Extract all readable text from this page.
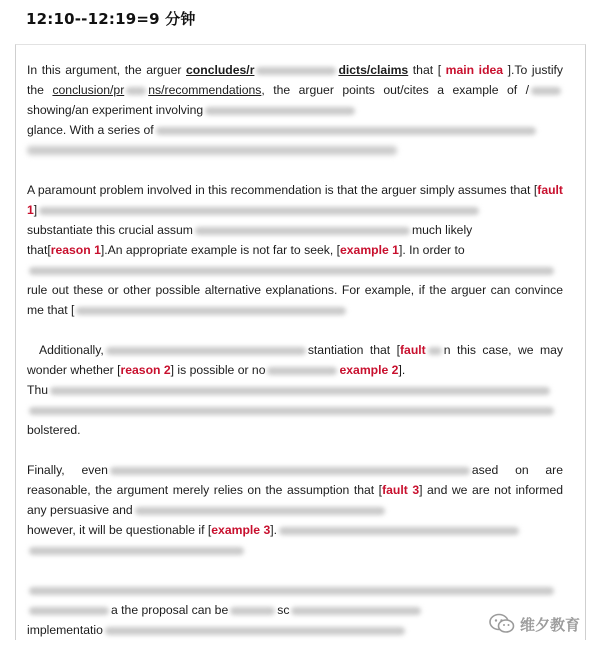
12:10--12:19=9 分钟
In this argument, the arguer concludes/r	dicts/claims that [ main idea ].To justify the conclusion/pr ns/recommendations, the arguer points out/cites a example of /showing/an experiment involving
glance. With a series of
A paramount problem involved in this recommendation is that the arguer simply assumes that [fault 1]
substantiate this crucial assum	much likely
that[reason 1].An appropriate example is not far to seek, [example 1]. In order to

rule out these or other possible alternative explanations. For example, if the arguer can convince me that [
Additionally,	stantiation that [fault n this case, we may wonder whether [reason 2] is possible or no	example 2].
Thu

bolstered.
Finally, even	ased on are reasonable, the argument merely relies on the assumption that [fault 3] and we are not informed any persuasive and
however, it will be questionable if [example 3].

a the proposal can be	sc
implementatio	维夕教育
